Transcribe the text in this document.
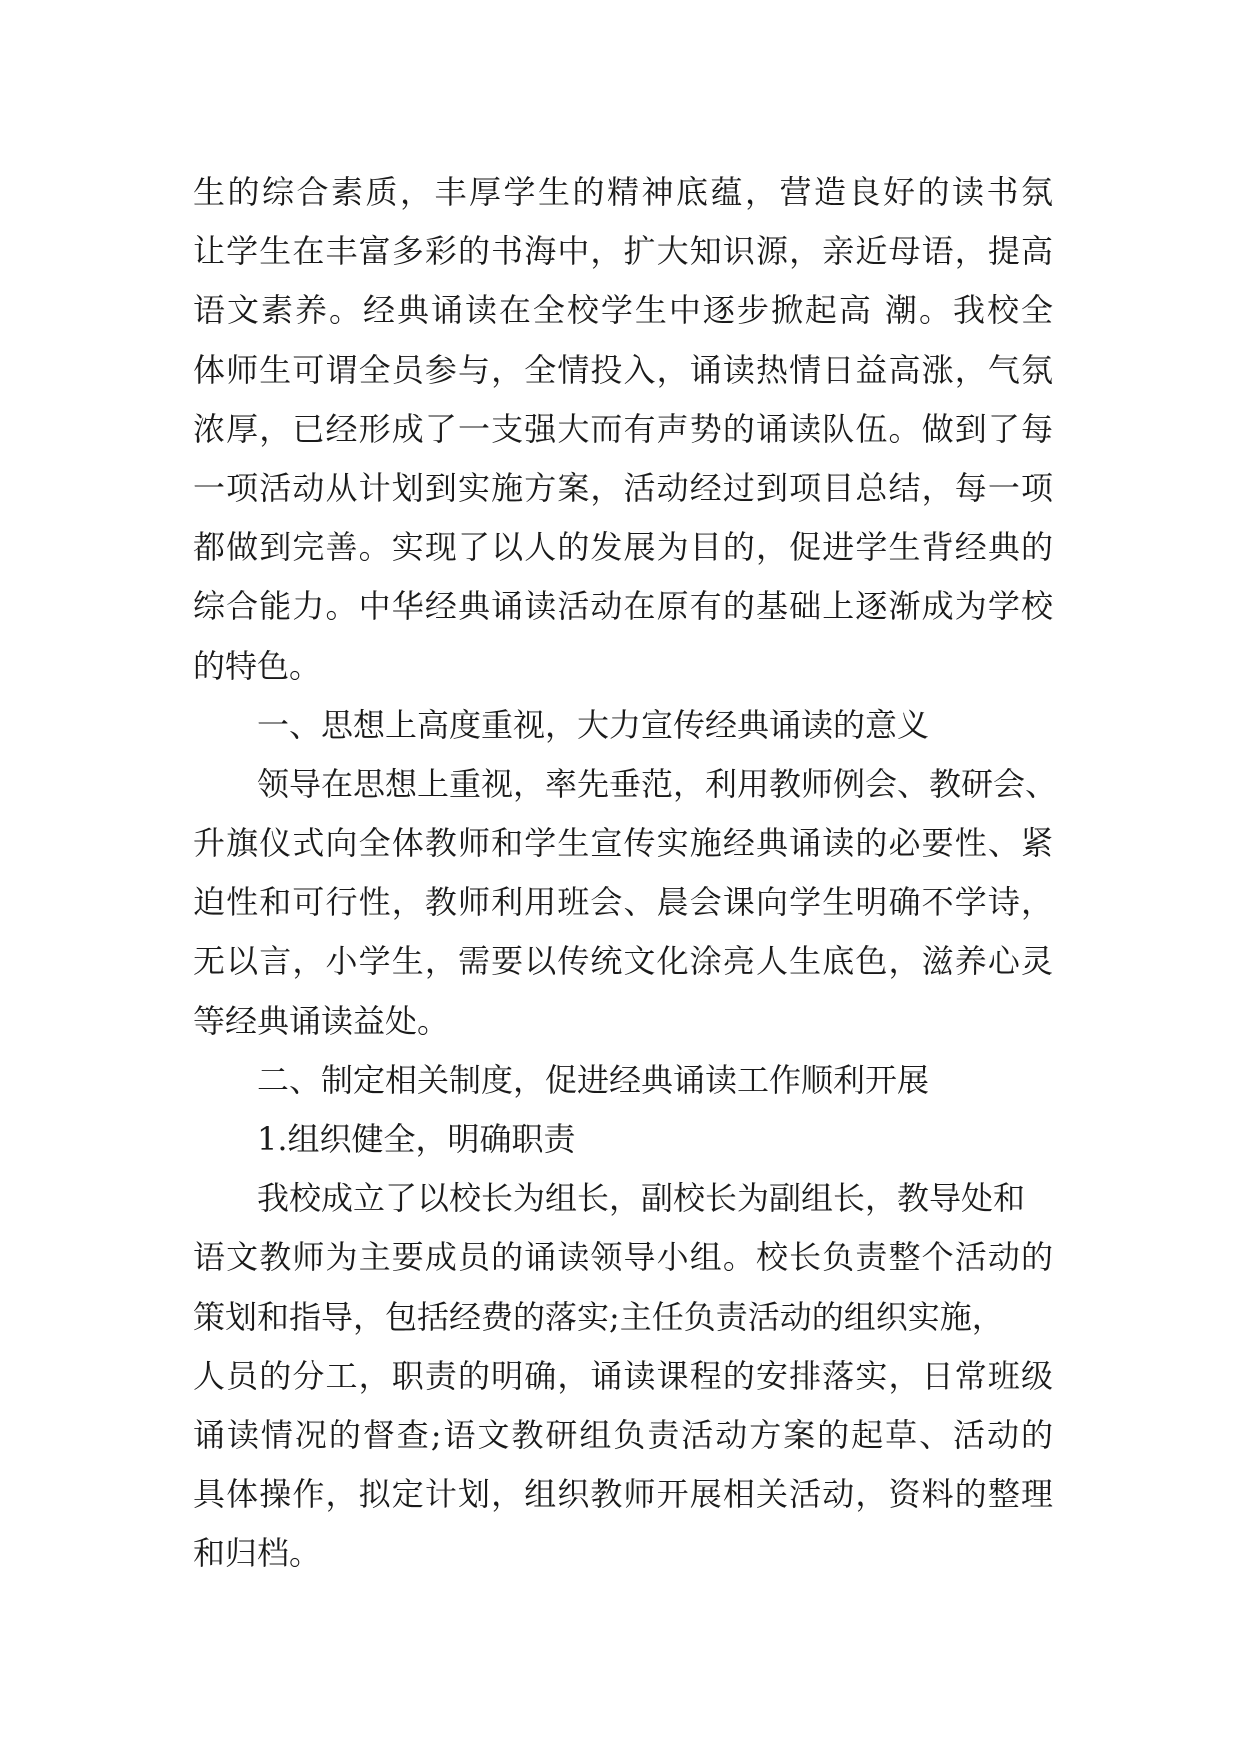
生的综合素质，丰厚学生的精神底蕴，营造良好的读书氛
让学生在丰富多彩的书海中，扩大知识源，亲近母语，提高
语文素养。经典诵读在全校学生中逐步掀起高 潮。我校全
体师生可谓全员参与，全情投入，诵读热情日益高涨，气氛
浓厚，已经形成了一支强大而有声势的诵读队伍。做到了每
一项活动从计划到实施方案，活动经过到项目总结，每一项
都做到完善。实现了以人的发展为目的，促进学生背经典的
综合能力。中华经典诵读活动在原有的基础上逐渐成为学校
的特色。
一、思想上高度重视，大力宣传经典诵读的意义
领导在思想上重视，率先垂范，利用教师例会、教研会、
升旗仪式向全体教师和学生宣传实施经典诵读的必要性、紧
迫性和可行性，教师利用班会、晨会课向学生明确不学诗，
无以言，小学生，需要以传统文化涂亮人生底色，滋养心灵
等经典诵读益处。
二、制定相关制度，促进经典诵读工作顺利开展
1.组织健全，明确职责
我校成立了以校长为组长，副校长为副组长，教导处和
语文教师为主要成员的诵读领导小组。校长负责整个活动的
策划和指导，包括经费的落实;主任负责活动的组织实施，
人员的分工，职责的明确，诵读课程的安排落实，日常班级
诵读情况的督查;语文教研组负责活动方案的起草、活动的
具体操作，拟定计划，组织教师开展相关活动，资料的整理
和归档。
